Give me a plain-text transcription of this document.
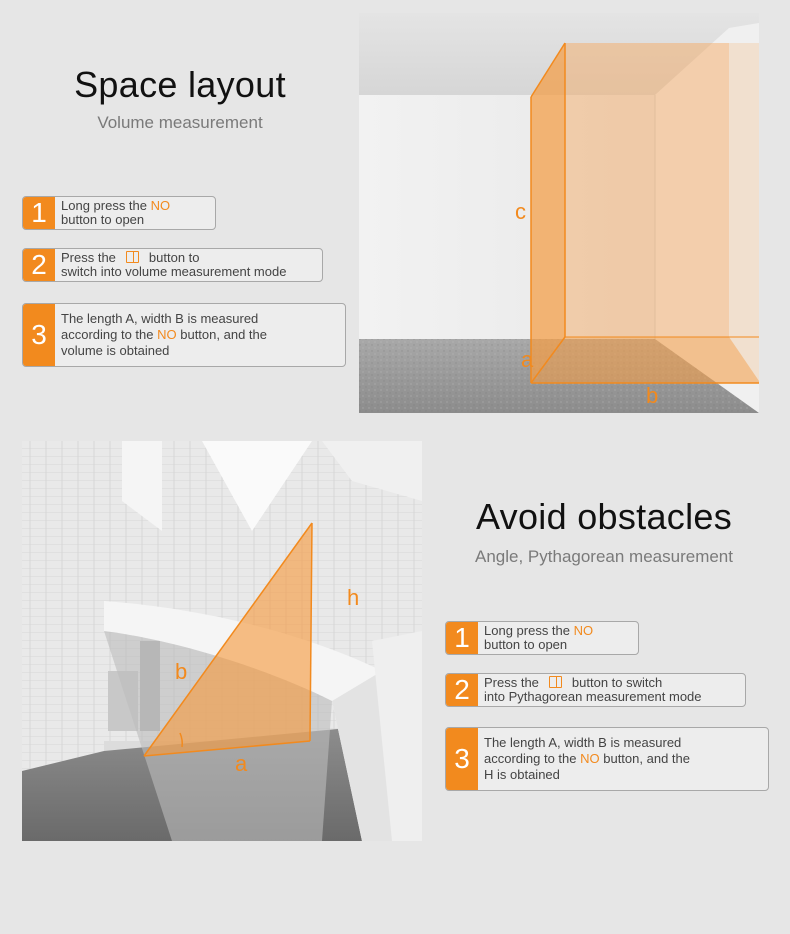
Space layout
Volume measurement
1	Long press the NO
button to open
2	Press the	button to
switch into volume measurement mode
3
The length A, width B is measured
according to the NO button, and the
volume is obtained
c
a
b
h
b
a
Avoid obstacles
Angle, Pythagorean measurement
1	Long press the NO
button to open
2	Press the	button to switch
into Pythagorean measurement mode
3
The length A, width B is measured
according to the NO button, and the
H is obtained
